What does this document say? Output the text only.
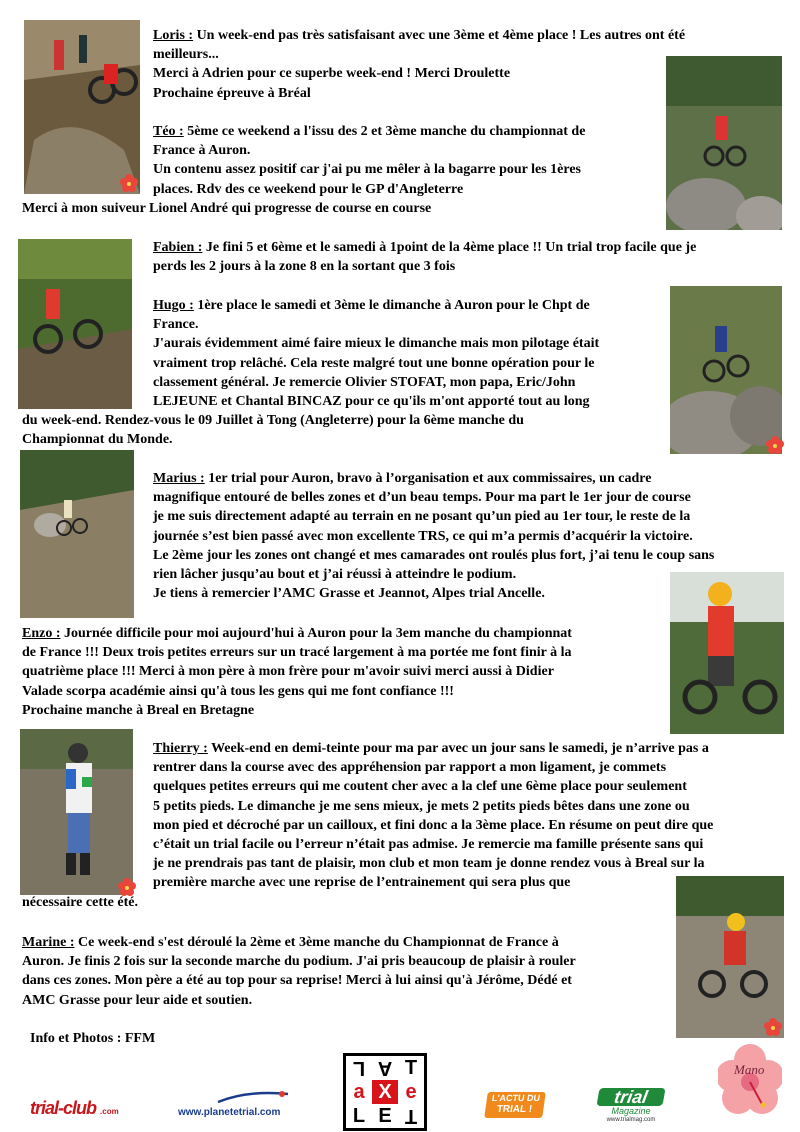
Loris : Un week-end pas très satisfaisant avec une 3ème et 4ème place ! Les autres ont été
meilleurs...
Merci à Adrien pour ce superbe week-end ! Merci Droulette
Prochaine épreuve à Bréal

Téo : 5ème ce weekend a l'issu des 2 et 3ème manche du championnat de
France à Auron.
Un contenu assez positif car j'ai pu me mêler à la bagarre pour les 1ères
places. Rdv des ce weekend pour le GP d'Angleterre

Merci à mon suiveur Lionel André qui progresse de course en course

Fabien : Je fini 5 et 6ème et le samedi à 1point de la 4ème place !! Un trial trop facile que je
perds les 2 jours à la zone 8 en la sortant que 3 fois

Hugo : 1ère place le samedi et 3ème le dimanche à Auron pour le Chpt de
France.
J'aurais évidemment aimé faire mieux le dimanche mais mon pilotage était
vraiment trop relâché. Cela reste malgré tout une bonne opération pour le
classement général. Je remercie Olivier STOFAT, mon papa, Eric/John
LEJEUNE et Chantal BINCAZ pour ce qu'ils m'ont apporté tout au long

du week-end. Rendez-vous le 09 Juillet à Tong (Angleterre) pour la 6ème manche du
Championnat du Monde.

Marius : 1er trial pour Auron, bravo à l’organisation et aux commissaires, un cadre
magnifique entouré de belles zones et d’un beau temps. Pour ma part le 1er jour de course
je me suis directement adapté au terrain en ne posant qu’un pied au 1er tour, le reste de la
journée s’est bien passé avec mon excellente TRS, ce qui m’a permis d’acquérir la victoire.
Le 2ème jour les zones ont changé et mes camarades ont roulés plus fort, j’ai tenu le coup sans
rien lâcher jusqu’au bout et j’ai réussi à atteindre le podium.
Je tiens à remercier l’AMC Grasse et Jeannot, Alpes trial Ancelle.

Enzo : Journée difficile pour moi aujourd'hui à Auron pour la 3em manche du championnat
de France !!! Deux trois petites erreurs sur un tracé largement à ma portée me font finir à la
quatrième place !!! Merci à mon père à mon frère pour m'avoir suivi merci aussi à Didier
Valade scorpa académie ainsi qu'à tous les gens qui me font confiance !!!
Prochaine manche à Breal en Bretagne

Thierry : Week-end en demi-teinte pour ma par avec un jour sans le samedi, je n’arrive pas a
rentrer dans la course avec des appréhension par rapport a mon ligament, je commets
quelques petites erreurs qui me coutent cher avec a la clef une 6ème place pour seulement
5 petits pieds. Le dimanche je me sens mieux, je mets 2 petits pieds bêtes dans une zone ou
mon pied et décroché par un cailloux, et fini donc a la 3ème place. En résume on peut dire que
c’était un trial facile ou l’erreur n’était pas admise. Je remercie ma famille présente sans qui
je ne prendrais pas tant de plaisir, mon club et mon team je donne rendez vous à Breal sur la
première marche avec une reprise de l’entrainement qui sera plus que

nécessaire cette été.

Marine : Ce week-end s'est déroulé la 2ème et 3ème manche du Championnat de France à
Auron. Je finis 2 fois sur la seconde marche du podium. J'ai pris beaucoup de plaisir à rouler
dans ces zones. Mon père a été au top pour sa reprise! Merci à lui ainsi qu'à Jérôme, Dédé et
AMC Grasse pour leur aide et soutien.

Info et Photos : FFM

trial-club .com	www.planetetrial.com
L A T
a X e
L E T
L'ACTU DU
TRIAL !
trial
Magazine
www.trialmag.com
Mano
